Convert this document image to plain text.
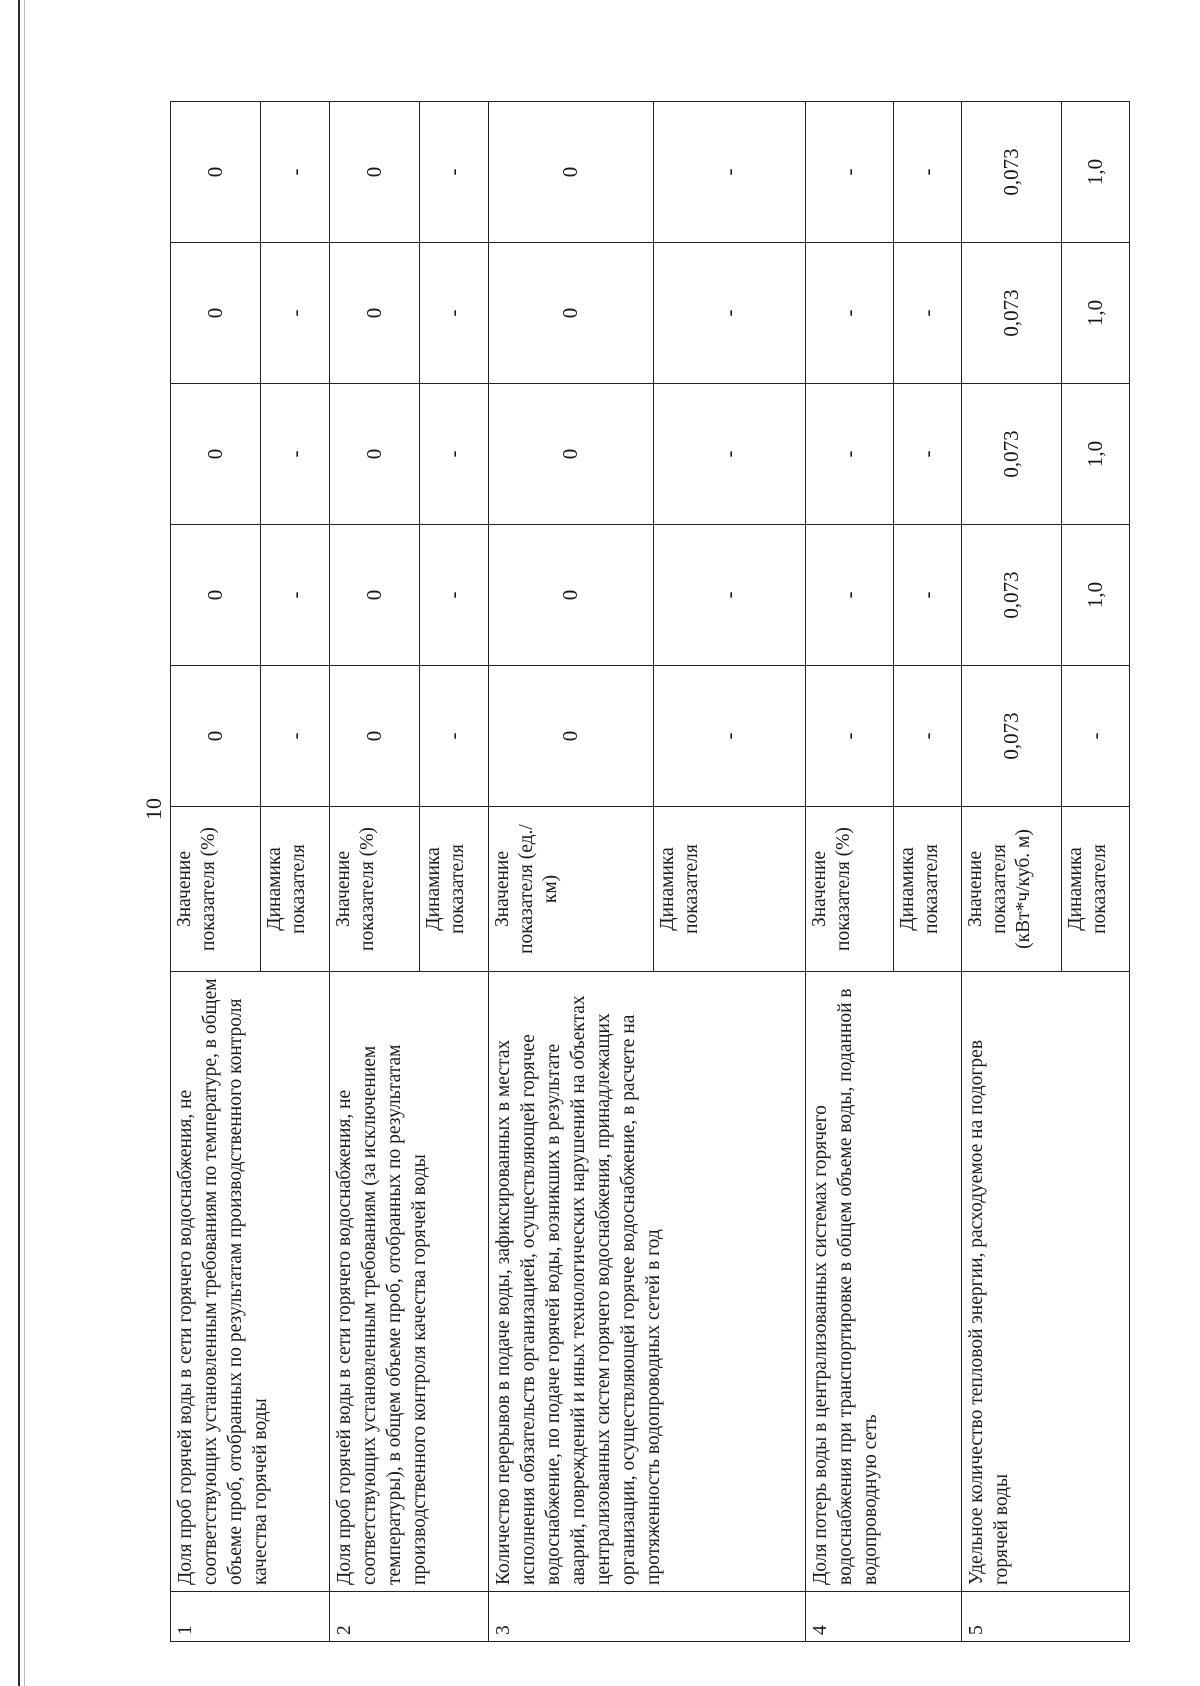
10
1	Доля проб горячей воды в сети горячего водоснабжения, не соответствующих установленным требованиям по температуре, в общем объеме проб, отобранных по результатам производственного контроля качества горячей воды	Значение показателя (%)	0	0	0	0	0
		Динамика показателя	-	-	-	-	-
2	Доля проб горячей воды в сети горячего водоснабжения, не соответствующих установленным требованиям (за исключением температуры), в общем объеме проб, отобранных по результатам производственного контроля качества горячей воды	Значение показателя (%)	0	0	0	0	0
		Динамика показателя	-	-	-	-	-
3	Количество перерывов в подаче воды, зафиксированных в местах исполнения обязательств организацией, осуществляющей горячее водоснабжение, по подаче горячей воды, возникших в результате аварий, повреждений и иных технологических нарушений на объектах централизованных систем горячего водоснабжения, принадлежащих организации, осуществляющей горячее водоснабжение, в расчете на протяженность водопроводных сетей в год	Значение показателя (ед./км)	0	0	0	0	0
		Динамика показателя	-	-	-	-	-
4	Доля потерь воды в централизованных системах горячего водоснабжения при транспортировке в общем объеме воды, поданной в водопроводную сеть	Значение показателя (%)	-	-	-	-	-
		Динамика показателя	-	-	-	-	-
5	Удельное количество тепловой энергии, расходуемое на подогрев горячей воды	Значение показателя (кВт*ч/куб. м)	0,073	0,073	0,073	0,073	0,073
		Динамика показателя	-	1,0	1,0	1,0	1,0
